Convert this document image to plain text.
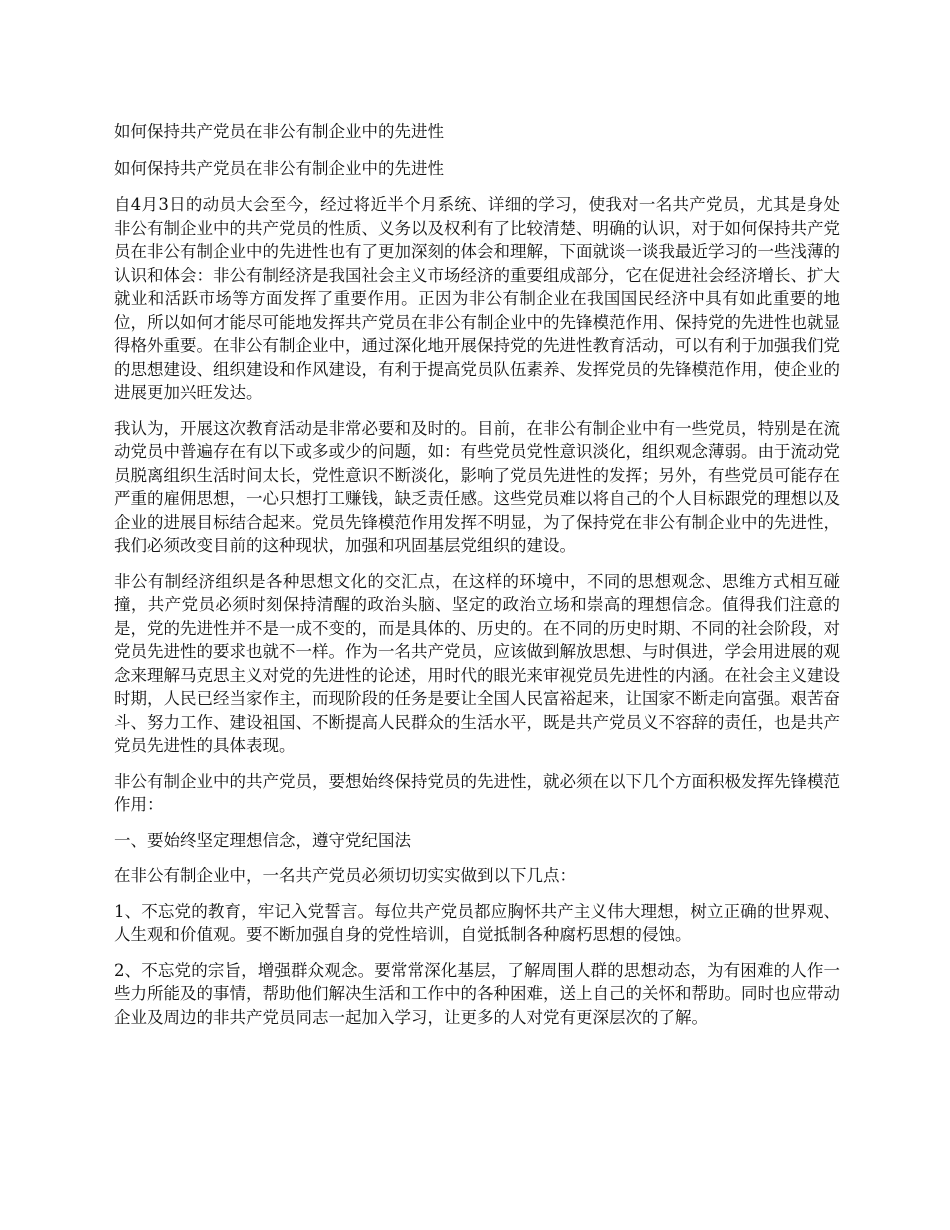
如何保持共产党员在非公有制企业中的先进性

如何保持共产党员在非公有制企业中的先进性

自4月3日的动员大会至今，经过将近半个月系统、详细的学习，使我对一名共产党员，尤其是身处非公有制企业中的共产党员的性质、义务以及权利有了比较清楚、明确的认识，对于如何保持共产党员在非公有制企业中的先进性也有了更加深刻的体会和理解，下面就谈一谈我最近学习的一些浅薄的认识和体会：非公有制经济是我国社会主义市场经济的重要组成部分，它在促进社会经济增长、扩大就业和活跃市场等方面发挥了重要作用。正因为非公有制企业在我国国民经济中具有如此重要的地位，所以如何才能尽可能地发挥共产党员在非公有制企业中的先锋模范作用、保持党的先进性也就显得格外重要。在非公有制企业中，通过深化地开展保持党的先进性教育活动，可以有利于加强我们党的思想建设、组织建设和作风建设，有利于提高党员队伍素养、发挥党员的先锋模范作用，使企业的进展更加兴旺发达。

我认为，开展这次教育活动是非常必要和及时的。目前，在非公有制企业中有一些党员，特别是在流动党员中普遍存在有以下或多或少的问题，如：有些党员党性意识淡化，组织观念薄弱。由于流动党员脱离组织生活时间太长，党性意识不断淡化，影响了党员先进性的发挥；另外，有些党员可能存在严重的雇佣思想，一心只想打工赚钱，缺乏责任感。这些党员难以将自己的个人目标跟党的理想以及企业的进展目标结合起来。党员先锋模范作用发挥不明显，为了保持党在非公有制企业中的先进性，我们必须改变目前的这种现状，加强和巩固基层党组织的建设。

非公有制经济组织是各种思想文化的交汇点，在这样的环境中，不同的思想观念、思维方式相互碰撞，共产党员必须时刻保持清醒的政治头脑、坚定的政治立场和崇高的理想信念。值得我们注意的是，党的先进性并不是一成不变的，而是具体的、历史的。在不同的历史时期、不同的社会阶段，对党员先进性的要求也就不一样。作为一名共产党员，应该做到解放思想、与时俱进，学会用进展的观念来理解马克思主义对党的先进性的论述，用时代的眼光来审视党员先进性的内涵。在社会主义建设时期，人民已经当家作主，而现阶段的任务是要让全国人民富裕起来，让国家不断走向富强。艰苦奋斗、努力工作、建设祖国、不断提高人民群众的生活水平，既是共产党员义不容辞的责任，也是共产党员先进性的具体表现。

非公有制企业中的共产党员，要想始终保持党员的先进性，就必须在以下几个方面积极发挥先锋模范作用：

一、要始终坚定理想信念，遵守党纪国法

在非公有制企业中，一名共产党员必须切切实实做到以下几点：

1、不忘党的教育，牢记入党誓言。每位共产党员都应胸怀共产主义伟大理想，树立正确的世界观、人生观和价值观。要不断加强自身的党性培训，自觉抵制各种腐朽思想的侵蚀。

2、不忘党的宗旨，增强群众观念。要常常深化基层，了解周围人群的思想动态，为有困难的人作一些力所能及的事情，帮助他们解决生活和工作中的各种困难，送上自己的关怀和帮助。同时也应带动企业及周边的非共产党员同志一起加入学习，让更多的人对党有更深层次的了解。
